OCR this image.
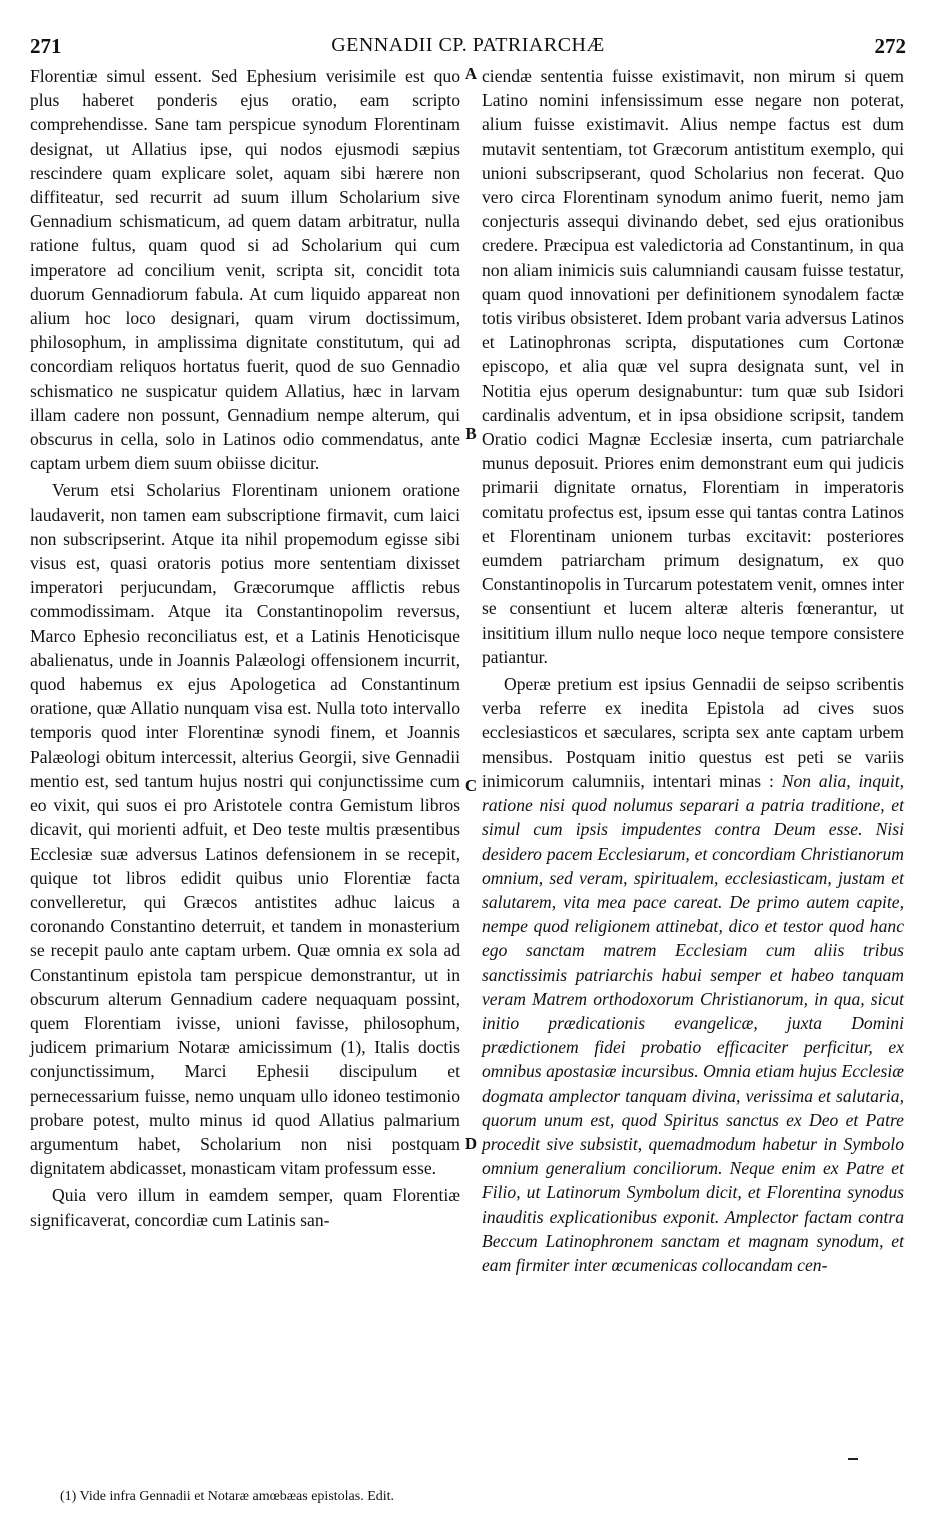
271	GENNADII CP. PATRIARCHÆ	272
A
B
C
D

Florentiæ simul essent. Sed Ephesium verisimile est quo plus haberet ponderis ejus oratio, eam scripto comprehendisse. Sane tam perspicue synodum Florentinam designat, ut Allatius ipse, qui nodos ejusmodi sæpius rescindere quam explicare solet, aquam sibi hærere non diffiteatur, sed recurrit ad suum illum Scholarium sive Gennadium schismaticum, ad quem datam arbitratur, nulla ratione fultus, quam quod si ad Scholarium qui cum imperatore ad concilium venit, scripta sit, concidit tota duorum Gennadiorum fabula. At cum liquido appareat non alium hoc loco designari, quam virum doctissimum, philosophum, in amplissima dignitate constitutum, qui ad concordiam reliquos hortatus fuerit, quod de suo Gennadio schismatico ne suspicatur quidem Allatius, hæc in larvam illam cadere non possunt, Gennadium nempe alterum, qui obscurus in cella, solo in Latinos odio commendatus, ante captam urbem diem suum obiisse dicitur.

Verum etsi Scholarius Florentinam unionem oratione laudaverit, non tamen eam subscriptione firmavit, cum laici non subscripserint. Atque ita nihil propemodum egisse sibi visus est, quasi oratoris potius more sententiam dixisset imperatori perjucundam, Græcorumque afflictis rebus commodissimam. Atque ita Constantinopolim reversus, Marco Ephesio reconciliatus est, et a Latinis Henoticisque abalienatus, unde in Joannis Palæologi offensionem incurrit, quod habemus ex ejus Apologetica ad Constantinum oratione, quæ Allatio nunquam visa est. Nulla toto intervallo temporis quod inter Florentinæ synodi finem, et Joannis Palæologi obitum intercessit, alterius Georgii, sive Gennadii mentio est, sed tantum hujus nostri qui conjunctissime cum eo vixit, qui suos ei pro Aristotele contra Gemistum libros dicavit, qui morienti adfuit, et Deo teste multis præsentibus Ecclesiæ suæ adversus Latinos defensionem in se recepit, quique tot libros edidit quibus unio Florentiæ facta convelleretur, qui Græcos antistites adhuc laicus a coronando Constantino deterruit, et tandem in monasterium se recepit paulo ante captam urbem. Quæ omnia ex sola ad Constantinum epistola tam perspicue demonstrantur, ut in obscurum alterum Gennadium cadere nequaquam possint, quem Florentiam ivisse, unioni favisse, philosophum, judicem primarium Notaræ amicissimum (1), Italis doctis conjunctissimum, Marci Ephesii discipulum et pernecessarium fuisse, nemo unquam ullo idoneo testimonio probare potest, multo minus id quod Allatius palmarium argumentum habet, Scholarium non nisi postquam dignitatem abdicasset, monasticam vitam professum esse.

Quia vero illum in eamdem semper, quam Florentiæ significaverat, concordiæ cum Latinis san-

ciendæ sententia fuisse existimavit, non mirum si quem Latino nomini infensissimum esse negare non poterat, alium fuisse existimavit. Alius nempe factus est dum mutavit sententiam, tot Græcorum antistitum exemplo, qui unioni subscripserant, quod Scholarius non fecerat. Quo vero circa Florentinam synodum animo fuerit, nemo jam conjecturis assequi divinando debet, sed ejus orationibus credere. Præcipua est valedictoria ad Constantinum, in qua non aliam inimicis suis calumniandi causam fuisse testatur, quam quod innovationi per definitionem synodalem factæ totis viribus obsisteret. Idem probant varia adversus Latinos et Latinophronas scripta, disputationes cum Cortonæ episcopo, et alia quæ vel supra designata sunt, vel in Notitia ejus operum designabuntur: tum quæ sub Isidori cardinalis adventum, et in ipsa obsidione scripsit, tandem Oratio codici Magnæ Ecclesiæ inserta, cum patriarchale munus deposuit. Priores enim demonstrant eum qui judicis primarii dignitate ornatus, Florentiam in imperatoris comitatu profectus est, ipsum esse qui tantas contra Latinos et Florentinam unionem turbas excitavit: posteriores eumdem patriarcham primum designatum, ex quo Constantinopolis in Turcarum potestatem venit, omnes inter se consentiunt et lucem alteræ alteris fœnerantur, ut insititium illum nullo neque loco neque tempore consistere patiantur.

Operæ pretium est ipsius Gennadii de seipso scribentis verba referre ex inedita Epistola ad cives suos ecclesiasticos et sæculares, scripta sex ante captam urbem mensibus. Postquam initio questus est peti se variis inimicorum calumniis, intentari minas : Non alia, inquit, ratione nisi quod nolumus separari a patria traditione, et simul cum ipsis impudentes contra Deum esse. Nisi desidero pacem Ecclesiarum, et concordiam Christianorum omnium, sed veram, spiritualem, ecclesiasticam, justam et salutarem, vita mea pace careat. De primo autem capite, nempe quod religionem attinebat, dico et testor quod hanc ego sanctam matrem Ecclesiam cum aliis tribus sanctissimis patriarchis habui semper et habeo tanquam veram Matrem orthodoxorum Christianorum, in qua, sicut initio prædicationis evangelicæ, juxta Domini prædictionem fidei probatio efficaciter perficitur, ex omnibus apostasiæ incursibus. Omnia etiam hujus Ecclesiæ dogmata amplector tanquam divina, verissima et salutaria, quorum unum est, quod Spiritus sanctus ex Deo et Patre procedit sive subsistit, quemadmodum habetur in Symbolo omnium generalium conciliorum. Neque enim ex Patre et Filio, ut Latinorum Symbolum dicit, et Florentina synodus inauditis explicationibus exponit. Amplector factam contra Beccum Latinophronem sanctam et magnam synodum, et eam firmiter inter œcumenicas collocandam cen-

(1) Vide infra Gennadii et Notaræ amœbæas epistolas. Edit.
